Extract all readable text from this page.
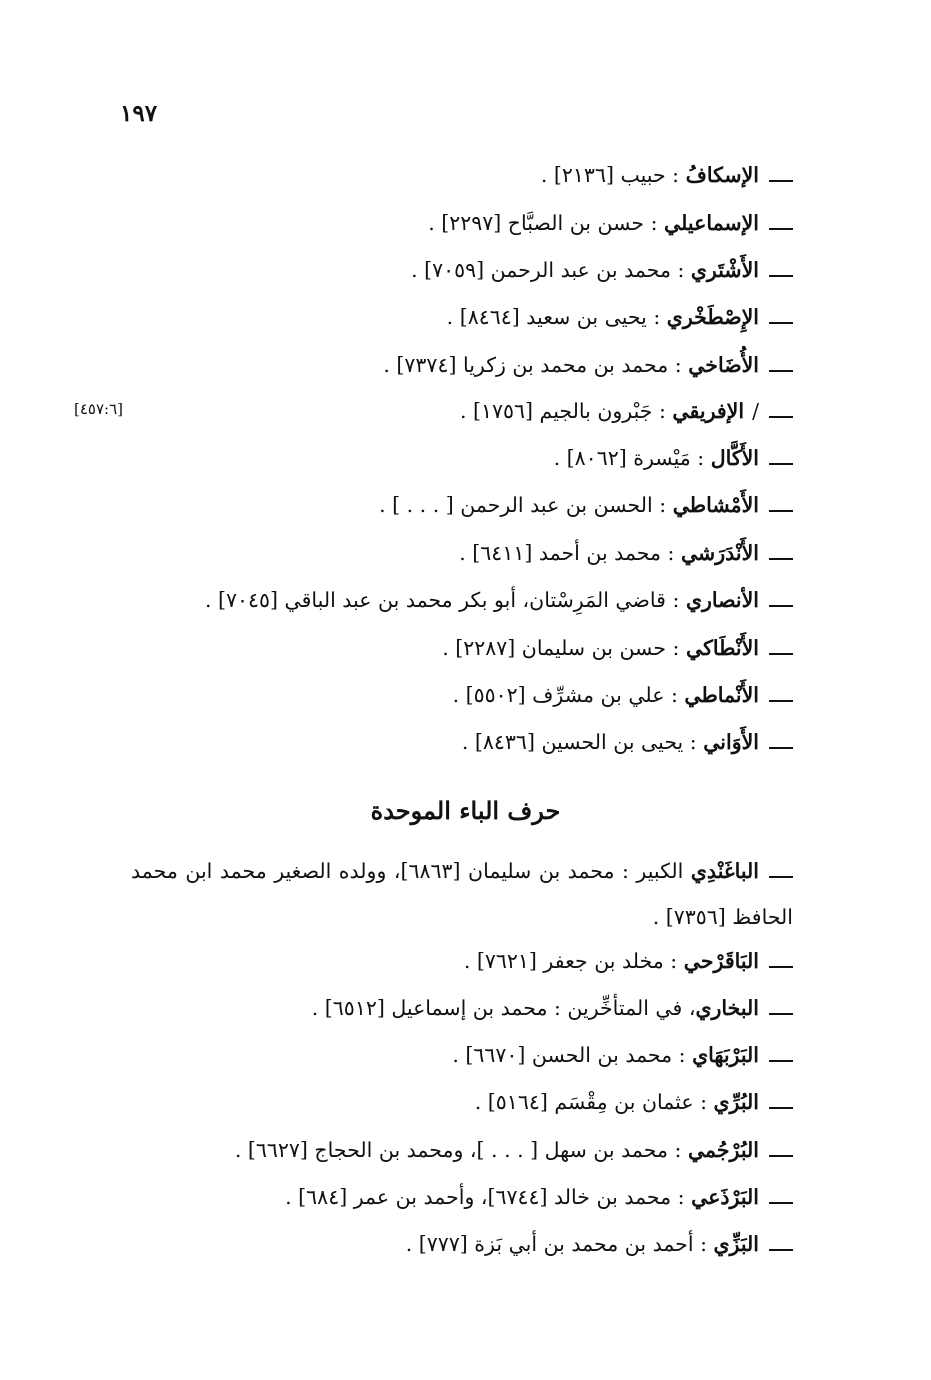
١٩٧
[٤٥٧:٦]
الإسكافُ : حبيب [٢١٣٦] .
الإسماعيلي : حسن بن الصبَّاح [٢٢٩٧] .
الأَشْتَري : محمد بن عبد الرحمن [٧٠٥٩] .
الإِصْطَخْري : يحيى بن سعيد [٨٤٦٤] .
الأُضَاخي : محمد بن محمد بن زكريا [٧٣٧٤] .
/الإفريقي : جَبْرون بالجيم [١٧٥٦] .
الأَكَّال : مَيْسرة [٨٠٦٢] .
الأَمْشاطي : الحسن بن عبد الرحمن [ . . . ] .
الأَنْدَرَشي : محمد بن أحمد [٦٤١١] .
الأنصاري : قاضي المَرِسْتان، أبو بكر محمد بن عبد الباقي [٧٠٤٥] .
الأَنْطَاكي : حسن بن سليمان [٢٢٨٧] .
الأَنْماطي : علي بن مشرِّف [٥٥٠٢] .
الأَوَاني : يحيى بن الحسين [٨٤٣٦] .
حرف الباء الموحدة
الباغَنْدِي الكبير : محمد بن سليمان [٦٨٦٣]، وولده الصغير محمد ابن محمد الحافظ [٧٣٥٦] .
البَاقَرْحي : مخلد بن جعفر [٧٦٢١] .
البخاري، في المتأخِّرين : محمد بن إسماعيل [٦٥١٢] .
البَرْبَهَاي : محمد بن الحسن [٦٦٧٠] .
البُرِّي : عثمان بن مِقْسَم [٥١٦٤] .
البُرْجُمي : محمد بن سهل [ . . . ]، ومحمد بن الحجاج [٦٦٢٧] .
البَرْذَعي : محمد بن خالد [٦٧٤٤]، وأحمد بن عمر [٦٨٤] .
البَزِّي : أحمد بن محمد بن أبي بَزة [٧٧٧] .
